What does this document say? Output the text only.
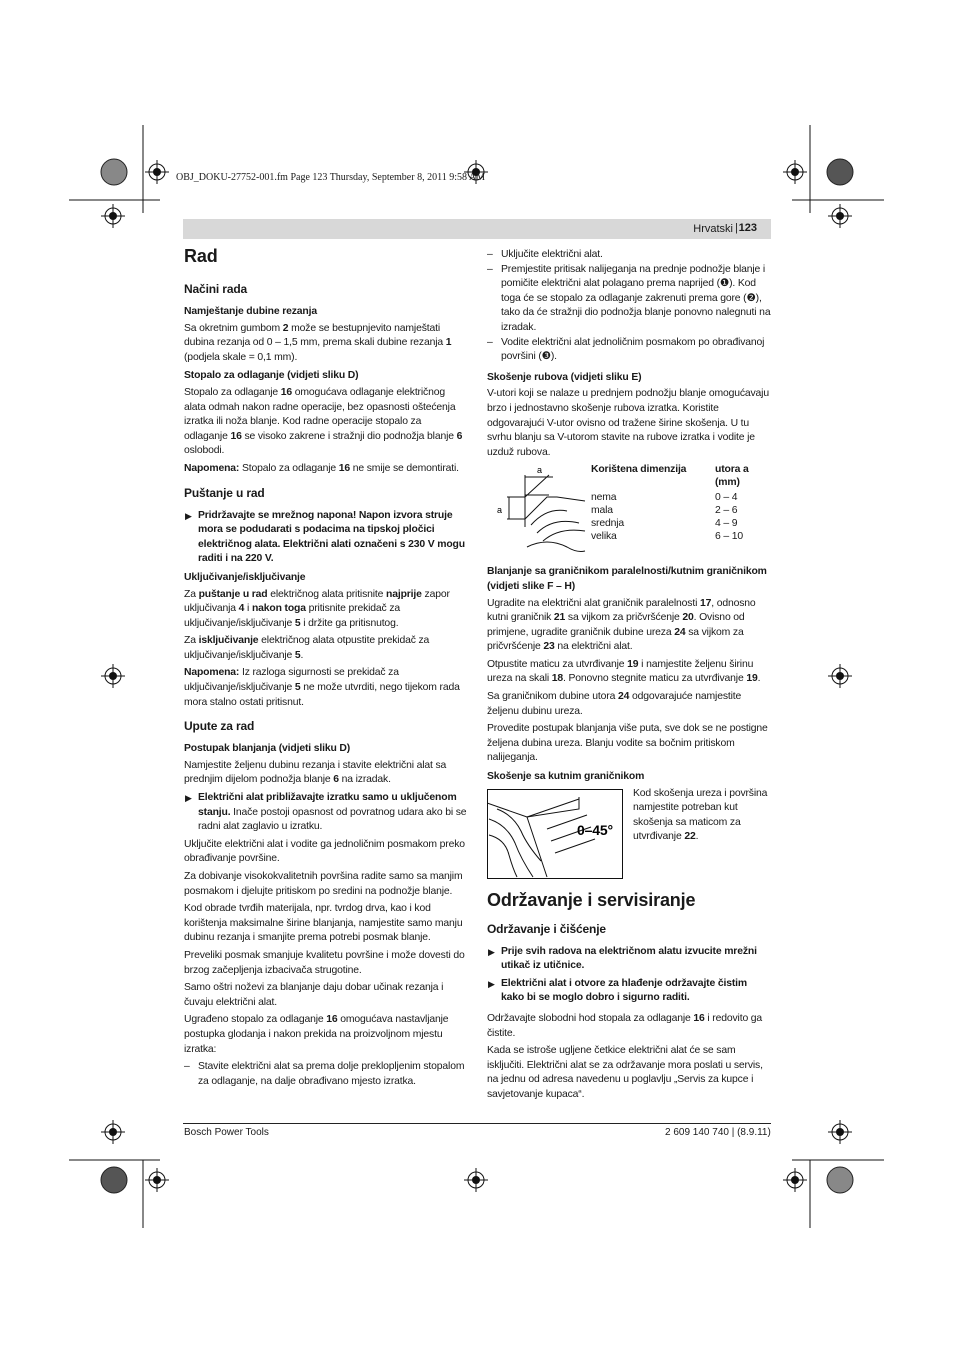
OBJ_DOKU-27752-001.fm Page 123 Thursday, September 8, 2011 9:58 AM
Hrvatski | 123
Rad
Načini rada
Namještanje dubine rezanja

Sa okretnim gumbom 2 može se bestupnjevito namještati dubina rezanja od 0 – 1,5 mm, prema skali dubine rezanja 1 (podjela skale = 0,1 mm).

Stopalo za odlaganje (vidjeti sliku D)

Stopalo za odlaganje 16 omogućava odlaganje električnog alata odmah nakon radne operacije, bez opasnosti oštećenja izratka ili noža blanje. Kod radne operacije stopalo za odlaganje 16 se visoko zakrene i stražnji dio podnožja blanje 6 oslobodi.

Napomena: Stopalo za odlaganje 16 ne smije se demontirati.

Puštanje u rad
▶ Pridržavajte se mrežnog napona! Napon izvora struje mora se podudarati s podacima na tipskoj pločici električnog alata. Električni alati označeni s 230 V mogu raditi i na 220 V.
Uključivanje/isključivanje

Za puštanje u rad električnog alata pritisnite najprije zapor uključivanja 4 i nakon toga pritisnite prekidač za uključivanje/isključivanje 5 i držite ga pritisnutog.

Za isključivanje električnog alata otpustite prekidač za uključivanje/isključivanje 5.

Napomena: Iz razloga sigurnosti se prekidač za uključivanje/isključivanje 5 ne može utvrditi, nego tijekom rada mora stalno ostati pritisnut.

Upute za rad
Postupak blanjanja (vidjeti sliku D)

Namjestite željenu dubinu rezanja i stavite električni alat sa prednjim dijelom podnožja blanje 6 na izradak.

▶ Električni alat približavajte izratku samo u uključenom stanju. Inače postoji opasnost od povratnog udara ako bi se radni alat zaglavio u izratku.

Uključite električni alat i vodite ga jednoličnim posmakom preko obrađivanje površine.

Za dobivanje visokokvalitetnih površina radite samo sa manjim posmakom i djelujte pritiskom po sredini na podnožje blanje.

Kod obrade tvrđih materijala, npr. tvrdog drva, kao i kod korištenja maksimalne širine blanjanja, namjestite samo manju dubinu rezanja i smanjite prema potrebi posmak blanje.

Preveliki posmak smanjuje kvalitetu površine i može dovesti do brzog začepljenja izbacivača strugotine.

Samo oštri noževi za blanjanje daju dobar učinak rezanja i čuvaju električni alat.

Ugrađeno stopalo za odlaganje 16 omogućava nastavljanje postupka glodanja i nakon prekida na proizvoljnom mjestu izratka:

– Stavite električni alat sa prema dolje preklopljenim stopalom za odlaganje, na dalje obrađivano mjesto izratka.
– Uključite električni alat.
– Premjestite pritisak nalijeganja na prednje podnožje blanje i pomičite električni alat polagano prema naprijed (❶). Kod toga će se stopalo za odlaganje zakrenuti prema gore (❷), tako da će stražnji dio podnožja blanje ponovno nalegnuti na izradak.
– Vodite električni alat jednoličnim posmakom po obrađivanoj površini (❸).
Skošenje rubova (vidjeti sliku E)

V-utori koji se nalaze u prednjem podnožju blanje omogućavaju brzo i jednostavno skošenje rubova izratka. Koristite odgovarajući V-utor ovisno od tražene širine skošenja. U tu svrhu blanju sa V-utorom stavite na rubove izratka i vodite je uzduž rubova.

a
a
Korištena dimenzija	utora a (mm)
nema	0 – 4
mala	2 – 6
srednja	4 – 9
velika	6 – 10
Blanjanje sa graničnikom paralelnosti/kutnim graničnikom (vidjeti slike F – H)

Ugradite na električni alat graničnik paralelnosti 17, odnosno kutni graničnik 21 sa vijkom za pričvršćenje 20. Ovisno od primjene, ugradite graničnik dubine ureza 24 sa vijkom za pričvršćenje 23 na električni alat.

Otpustite maticu za utvrđivanje 19 i namjestite željenu širinu ureza na skali 18. Ponovno stegnite maticu za utvrđivanje 19.

Sa graničnikom dubine utora 24 odgovarajuće namjestite željenu dubinu ureza.

Provedite postupak blanjanja više puta, sve dok se ne postigne željena dubina ureza. Blanju vodite sa bočnim pritiskom nalijeganja.

Skošenje sa kutnim graničnikom
0–45°
Kod skošenja ureza i površina namjestite potreban kut skošenja sa maticom za utvrđivanje 22.
Održavanje i servisiranje
Održavanje i čišćenje
▶ Prije svih radova na električnom alatu izvucite mrežni utikač iz utičnice.
▶ Električni alat i otvore za hlađenje održavajte čistim kako bi se moglo dobro i sigurno raditi.

Održavajte slobodni hod stopala za odlaganje 16 i redovito ga čistite.

Kada se istroše ugljene četkice električni alat će se sam isključiti. Električni alat se za održavanje mora poslati u servis, na jednu od adresa navedenu u poglavlju „Servis za kupce i savjetovanje kupaca“.

Bosch Power Tools	2 609 140 740 | (8.9.11)
